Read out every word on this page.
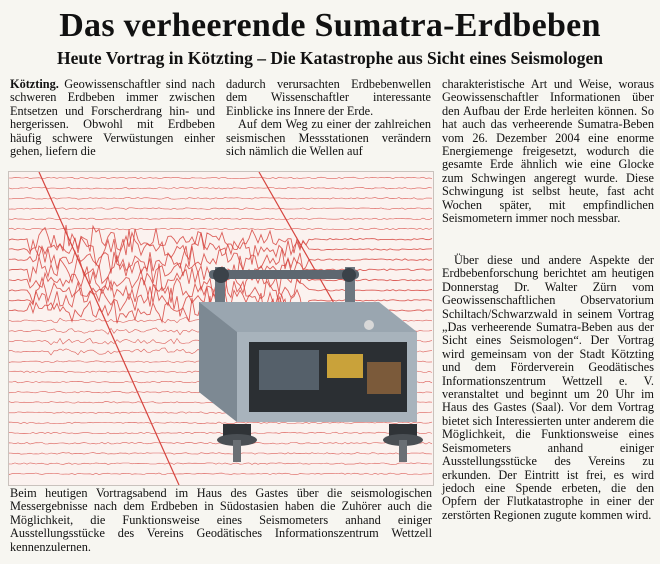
Das verheerende Sumatra-Erdbeben
Heute Vortrag in Kötzting – Die Katastrophe aus Sicht eines Seismologen

Kötzting. Geowissenschaftler sind nach schweren Erdbeben immer zwischen Entsetzen und Forscherdrang hin- und hergerissen. Obwohl mit Erdbeben häufig schwere Verwüstungen einher gehen, liefern die

dadurch verursachten Erdbebenwellen dem Wissenschaftler interessante Einblicke ins Innere der Erde.

Auf dem Weg zu einer der zahlreichen seismischen Messstationen verändern sich nämlich die Wellen auf

charakteristische Art und Weise, woraus Geowissenschaftler Informationen über den Aufbau der Erde herleiten können. So hat auch das verheerende Sumatra-Beben vom 26. Dezember 2004 eine enorme Energiemenge freigesetzt, wodurch die gesamte Erde ähnlich wie eine Glocke zum Schwingen angeregt wurde. Diese Schwingung ist selbst heute, fast acht Wochen später, mit empfindlichen Seismometern immer noch messbar.

Über diese und andere Aspekte der Erdbebenforschung berichtet am heutigen Donnerstag Dr. Walter Zürn vom Geowissenschaftlichen Observatorium Schiltach/Schwarzwald in seinem Vortrag „Das verheerende Sumatra-Beben aus der Sicht eines Seismologen“. Der Vortrag wird gemeinsam von der Stadt Kötzting und dem Förderverein Geodätisches Informationszentrum Wettzell e. V. veranstaltet und beginnt um 20 Uhr im Haus des Gastes (Saal). Vor dem Vortrag bietet sich Interessierten unter anderem die Möglichkeit, die Funktionsweise eines Seismometers anhand einiger Ausstellungsstücke des Vereins zu erkunden. Der Eintritt ist frei, es wird jedoch eine Spende erbeten, die den Opfern der Flutkatastrophe in einer der zerstörten Regionen zugute kommen wird.

Beim heutigen Vortragsabend im Haus des Gastes über die seismologischen Messergebnisse nach dem Erdbeben in Südostasien haben die Zuhörer auch die Möglichkeit, die Funktionsweise eines Seismometers anhand einiger Ausstellungsstücke des Vereins Geodätisches Informationszentrum Wettzell kennenzulernen.
